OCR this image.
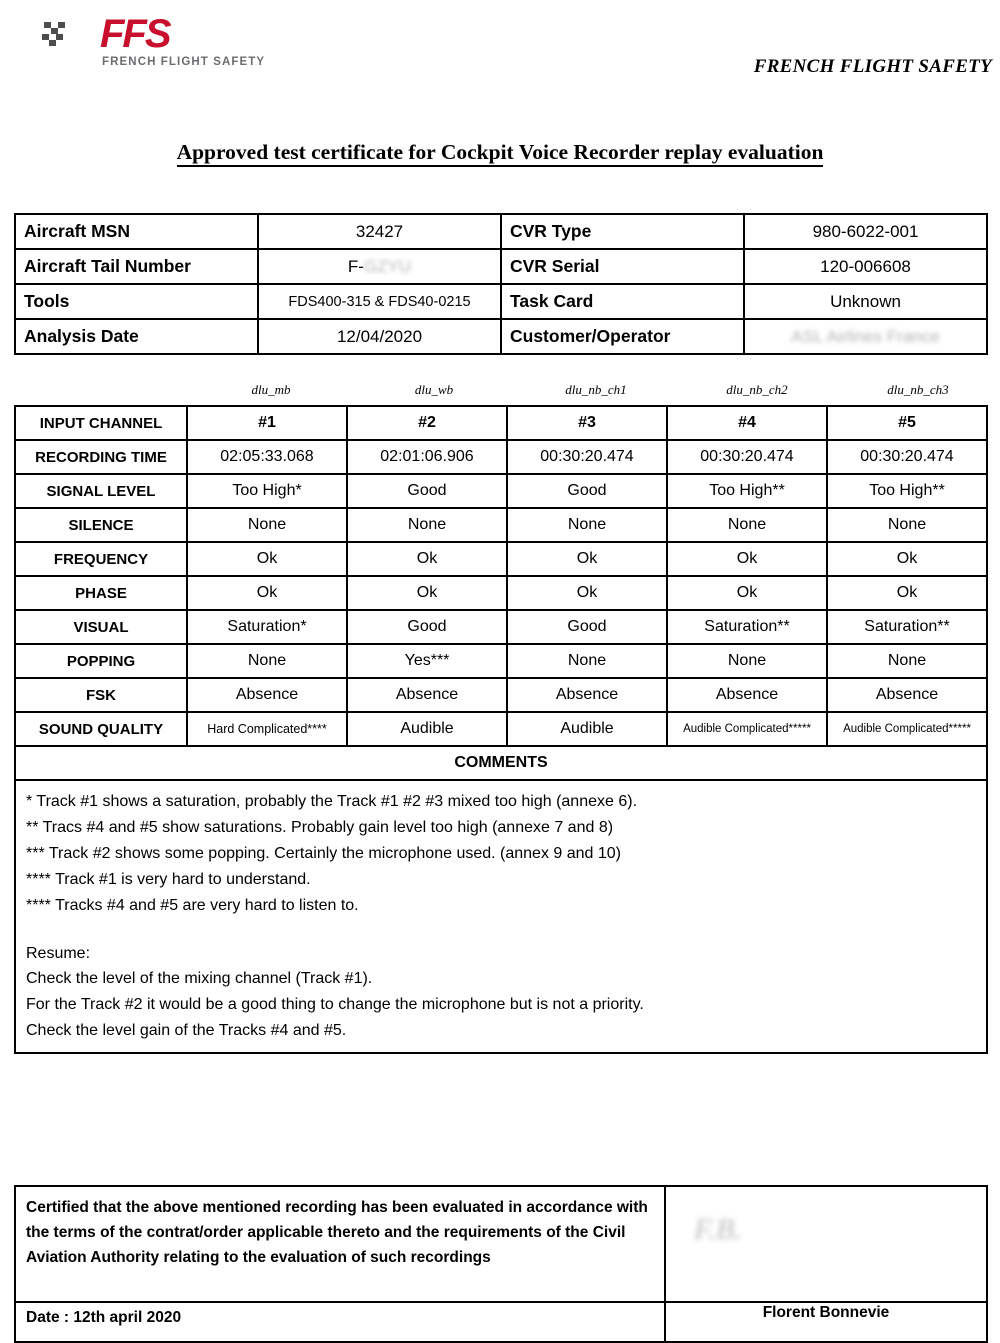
FFS
FRENCH FLIGHT SAFETY	FRENCH FLIGHT SAFETY
Approved test certificate for Cockpit Voice Recorder replay evaluation
Aircraft MSN	32427	CVR Type	980-6022-001
Aircraft Tail Number	F-GZYU	CVR Serial	120-006608
Tools	FDS400-315 & FDS40-0215	Task Card	Unknown
Analysis Date	12/04/2020	Customer/Operator	ASL Airlines France
dlu_mb	dlu_wb	dlu_nb_ch1	dlu_nb_ch2	dlu_nb_ch3
INPUT CHANNEL	#1	#2	#3	#4	#5
RECORDING TIME	02:05:33.068	02:01:06.906	00:30:20.474	00:30:20.474	00:30:20.474
SIGNAL LEVEL	Too High*	Good	Good	Too High**	Too High**
SILENCE	None	None	None	None	None
FREQUENCY	Ok	Ok	Ok	Ok	Ok
PHASE	Ok	Ok	Ok	Ok	Ok
VISUAL	Saturation*	Good	Good	Saturation**	Saturation**
POPPING	None	Yes***	None	None	None
FSK	Absence	Absence	Absence	Absence	Absence
SOUND QUALITY	Hard Complicated****	Audible	Audible	Audible Complicated*****	Audible Complicated*****
COMMENTS					

* Track #1 shows a saturation, probably the Track #1 #2 #3 mixed too high (annexe 6).

** Tracs #4 and #5 show saturations. Probably gain level too high (annexe 7 and 8)

*** Track #2 shows some popping. Certainly the microphone used. (annex 9 and 10)

**** Track #1 is very hard to understand.

**** Tracks #4 and #5 are very hard to listen to.

Resume:

Check the level of the mixing channel (Track #1).

For the Track #2 it would be a good thing to change the microphone but is not a priority.

Check the level gain of the Tracks #4 and #5.

Certified that the above mentioned recording has been evaluated in accordance with the terms of the contrat/order applicable thereto and the requirements of the Civil Aviation Authority relating to the evaluation of such recordings	F.B.

Date : 12th april 2020	Florent Bonnevie
